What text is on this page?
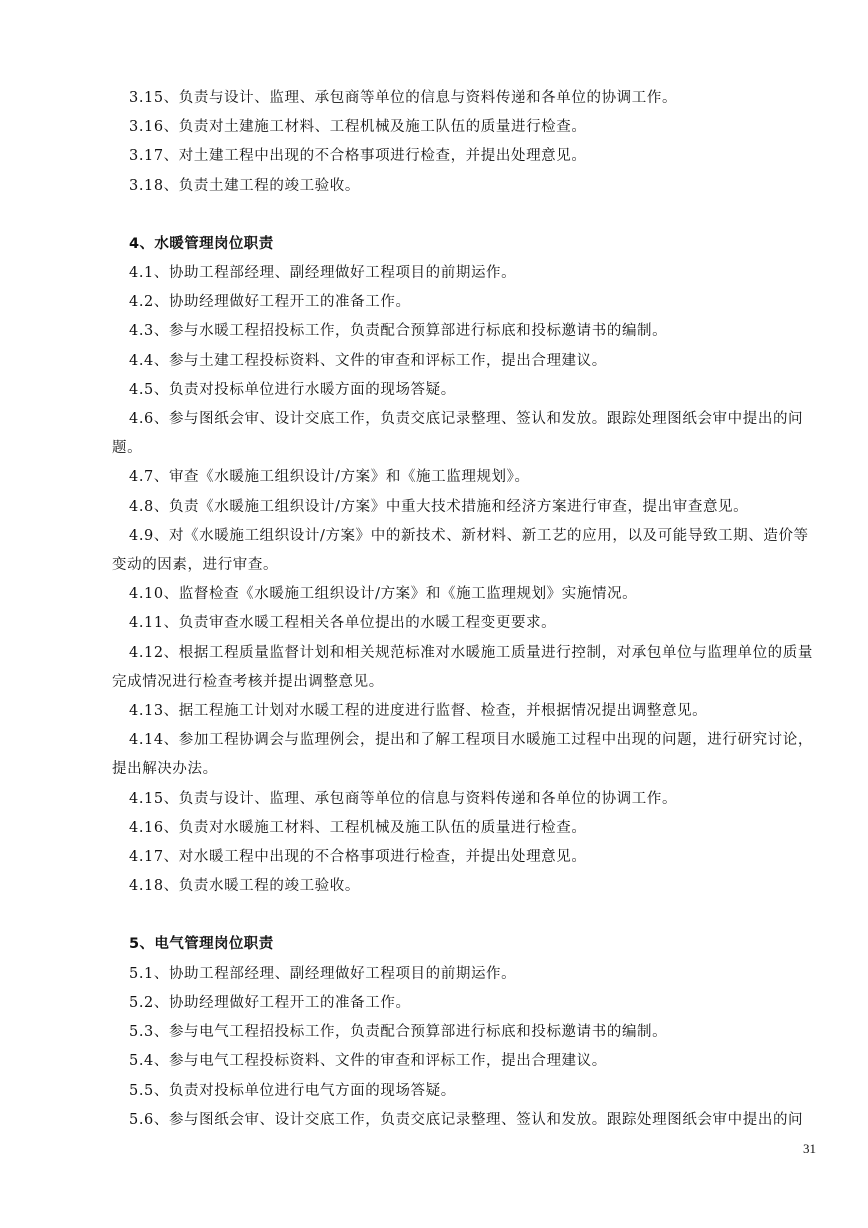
3.15、负责与设计、监理、承包商等单位的信息与资料传递和各单位的协调工作。

3.16、负责对土建施工材料、工程机械及施工队伍的质量进行检查。

3.17、对土建工程中出现的不合格事项进行检查，并提出处理意见。

3.18、负责土建工程的竣工验收。

4、水暖管理岗位职责

4.1、协助工程部经理、副经理做好工程项目的前期运作。

4.2、协助经理做好工程开工的准备工作。

4.3、参与水暖工程招投标工作，负责配合预算部进行标底和投标邀请书的编制。

4.4、参与土建工程投标资料、文件的审查和评标工作，提出合理建议。

4.5、负责对投标单位进行水暖方面的现场答疑。

4.6、参与图纸会审、设计交底工作，负责交底记录整理、签认和发放。跟踪处理图纸会审中提出的问题。

4.7、审查《水暖施工组织设计/方案》和《施工监理规划》。

4.8、负责《水暖施工组织设计/方案》中重大技术措施和经济方案进行审查，提出审查意见。

4.9、对《水暖施工组织设计/方案》中的新技术、新材料、新工艺的应用，以及可能导致工期、造价等变动的因素，进行审查。

4.10、监督检查《水暖施工组织设计/方案》和《施工监理规划》实施情况。

4.11、负责审查水暖工程相关各单位提出的水暖工程变更要求。

4.12、根据工程质量监督计划和相关规范标准对水暖施工质量进行控制，对承包单位与监理单位的质量完成情况进行检查考核并提出调整意见。

4.13、据工程施工计划对水暖工程的进度进行监督、检查，并根据情况提出调整意见。

4.14、参加工程协调会与监理例会，提出和了解工程项目水暖施工过程中出现的问题，进行研究讨论，提出解决办法。

4.15、负责与设计、监理、承包商等单位的信息与资料传递和各单位的协调工作。

4.16、负责对水暖施工材料、工程机械及施工队伍的质量进行检查。

4.17、对水暖工程中出现的不合格事项进行检查，并提出处理意见。

4.18、负责水暖工程的竣工验收。

5、电气管理岗位职责

5.1、协助工程部经理、副经理做好工程项目的前期运作。

5.2、协助经理做好工程开工的准备工作。

5.3、参与电气工程招投标工作，负责配合预算部进行标底和投标邀请书的编制。

5.4、参与电气工程投标资料、文件的审查和评标工作，提出合理建议。

5.5、负责对投标单位进行电气方面的现场答疑。

5.6、参与图纸会审、设计交底工作，负责交底记录整理、签认和发放。跟踪处理图纸会审中提出的问

31
